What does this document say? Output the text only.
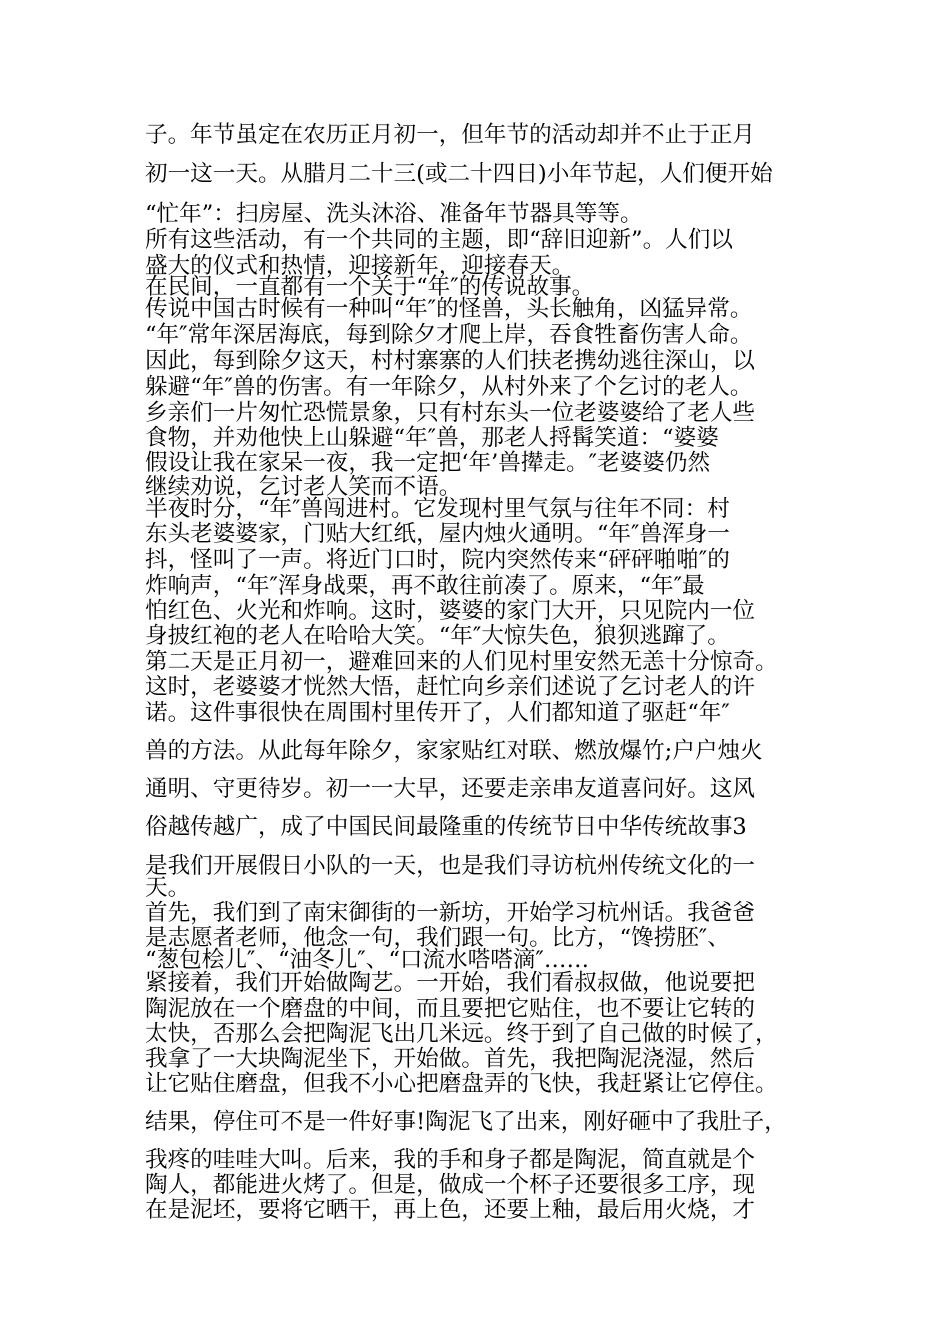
子。年节虽定在农历正月初一，但年节的活动却并不止于正月
初一这一天。从腊月二十三(或二十四日)小年节起，人们便开始
“忙年”：扫房屋、洗头沐浴、准备年节器具等等。
所有这些活动，有一个共同的主题，即“辞旧迎新”。人们以
盛大的仪式和热情，迎接新年，迎接春天。
在民间，一直都有一个关于“年″的传说故事。
传说中国古时候有一种叫“年″的怪兽，头长触角，凶猛异常。
“年″常年深居海底，每到除夕才爬上岸，吞食牲畜伤害人命。
因此，每到除夕这天，村村寨寨的人们扶老携幼逃往深山，以
躲避“年″兽的伤害。有一年除夕，从村外来了个乞讨的老人。
乡亲们一片匆忙恐慌景象，只有村东头一位老婆婆给了老人些
食物，并劝他快上山躲避“年″兽，那老人捋髯笑道：“婆婆
假设让我在家呆一夜，我一定把‘年’兽撵走。″老婆婆仍然
继续劝说，乞讨老人笑而不语。
半夜时分，“年″兽闯进村。它发现村里气氛与往年不同：村
东头老婆婆家，门贴大红纸，屋内烛火通明。“年″兽浑身一
抖，怪叫了一声。将近门口时，院内突然传来“砰砰啪啪″的
炸响声，“年″浑身战栗，再不敢往前凑了。原来，“年″最
怕红色、火光和炸响。这时，婆婆的家门大开，只见院内一位
身披红袍的老人在哈哈大笑。“年″大惊失色，狼狈逃蹿了。
第二天是正月初一，避难回来的人们见村里安然无恙十分惊奇。
这时，老婆婆才恍然大悟，赶忙向乡亲们述说了乞讨老人的许
诺。这件事很快在周围村里传开了，人们都知道了驱赶“年″
兽的方法。从此每年除夕，家家贴红对联、燃放爆竹;户户烛火
通明、守更待岁。初一一大早，还要走亲串友道喜问好。这风
俗越传越广，成了中国民间最隆重的传统节日中华传统故事3
是我们开展假日小队的一天，也是我们寻访杭州传统文化的一
天。
首先，我们到了南宋御街的一新坊，开始学习杭州话。我爸爸
是志愿者老师，他念一句，我们跟一句。比方，“馋捞胚″、
“葱包桧儿″、“油冬儿″、“口流水嗒嗒滴″……
紧接着，我们开始做陶艺。一开始，我们看叔叔做，他说要把
陶泥放在一个磨盘的中间，而且要把它贴住，也不要让它转的
太快，否那么会把陶泥飞出几米远。终于到了自己做的时候了，
我拿了一大块陶泥坐下，开始做。首先，我把陶泥浇湿，然后
让它贴住磨盘，但我不小心把磨盘弄的飞快，我赶紧让它停住。
结果，停住可不是一件好事!陶泥飞了出来，刚好砸中了我肚子，
我疼的哇哇大叫。后来，我的手和身子都是陶泥，简直就是个
陶人，都能进火烤了。但是，做成一个杯子还要很多工序，现
在是泥坯，要将它晒干，再上色，还要上釉，最后用火烧，才
